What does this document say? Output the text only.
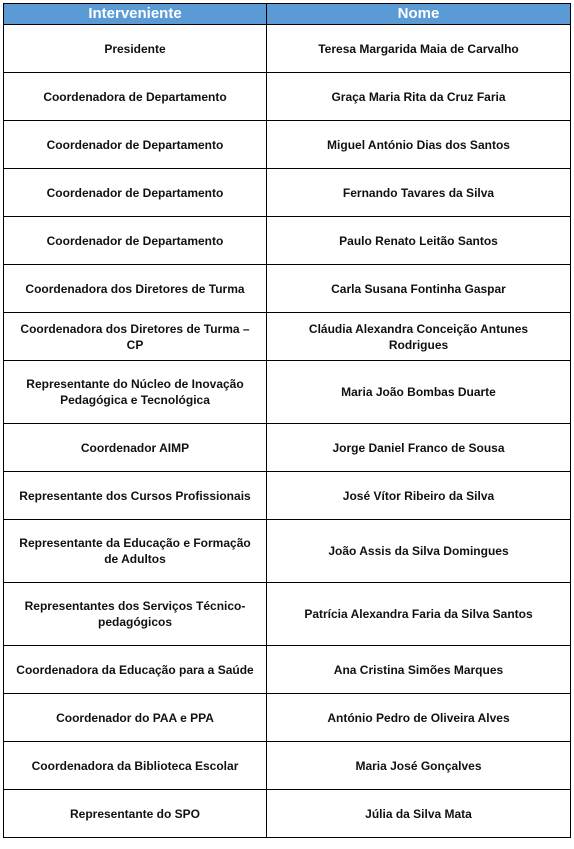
Interveniente	Nome
Presidente	Teresa Margarida Maia de Carvalho
Coordenadora de Departamento	Graça Maria Rita da Cruz Faria
Coordenador de Departamento	Miguel António Dias dos Santos
Coordenador de Departamento	Fernando Tavares da Silva
Coordenador de Departamento	Paulo Renato Leitão Santos
Coordenadora dos Diretores de Turma	Carla Susana Fontinha Gaspar
Coordenadora dos Diretores de Turma – CP	Cláudia Alexandra Conceição Antunes Rodrigues
Representante do Núcleo de Inovação Pedagógica e Tecnológica	Maria João Bombas Duarte
Coordenador AIMP	Jorge Daniel Franco de Sousa
Representante dos Cursos Profissionais	José Vítor Ribeiro da Silva
Representante da Educação e Formação de Adultos	João Assis da Silva Domingues
Representantes dos Serviços Técnico-pedagógicos	Patrícia Alexandra Faria da Silva Santos
Coordenadora da Educação para a Saúde	Ana Cristina Simões Marques
Coordenador do PAA e PPA	António Pedro de Oliveira Alves
Coordenadora da Biblioteca Escolar	Maria José Gonçalves
Representante do SPO	Júlia da Silva Mata
